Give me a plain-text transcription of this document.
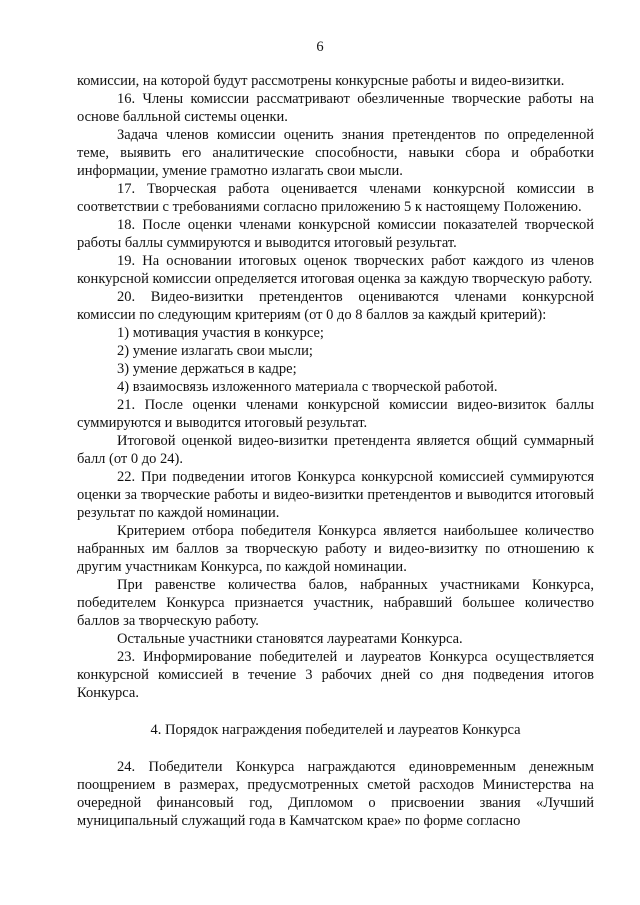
6

комиссии, на которой будут рассмотрены конкурсные работы и видео-визитки.

16. Члены комиссии рассматривают обезличенные творческие работы на основе балльной системы оценки.

Задача членов комиссии оценить знания претендентов по определенной теме, выявить его аналитические способности, навыки сбора и обработки информации, умение грамотно излагать свои мысли.

17. Творческая работа оценивается членами конкурсной комиссии в соответствии с требованиями согласно приложению 5 к настоящему Положению.

18. После оценки членами конкурсной комиссии показателей творческой работы баллы суммируются и выводится итоговый результат.

19. На основании итоговых оценок творческих работ каждого из членов конкурсной комиссии определяется итоговая оценка за каждую творческую работу.

20. Видео-визитки претендентов оцениваются членами конкурсной комиссии по следующим критериям (от 0 до 8 баллов за каждый критерий):

1) мотивация участия в конкурсе;

2) умение излагать свои мысли;

3) умение держаться в кадре;

4) взаимосвязь изложенного материала с творческой работой.

21. После оценки членами конкурсной комиссии видео-визиток баллы суммируются и выводится итоговый результат.

Итоговой оценкой видео-визитки претендента является общий суммарный балл (от 0 до 24).

22. При подведении итогов Конкурса конкурсной комиссией суммируются оценки за творческие работы и видео-визитки претендентов и выводится итоговый результат по каждой номинации.

Критерием отбора победителя Конкурса является наибольшее количество набранных им баллов за творческую работу и видео-визитку по отношению к другим участникам Конкурса, по каждой номинации.

При равенстве количества балов, набранных участниками Конкурса, победителем Конкурса признается участник, набравший большее количество баллов за творческую работу.

Остальные участники становятся лауреатами Конкурса.

23. Информирование победителей и лауреатов Конкурса осуществляется конкурсной комиссией в течение 3 рабочих дней со дня подведения итогов Конкурса.

4. Порядок награждения победителей и лауреатов Конкурса

24. Победители Конкурса награждаются единовременным денежным поощрением в размерах, предусмотренных сметой расходов Министерства на очередной финансовый год, Дипломом о присвоении звания «Лучший муниципальный служащий года в Камчатском крае» по форме согласно
